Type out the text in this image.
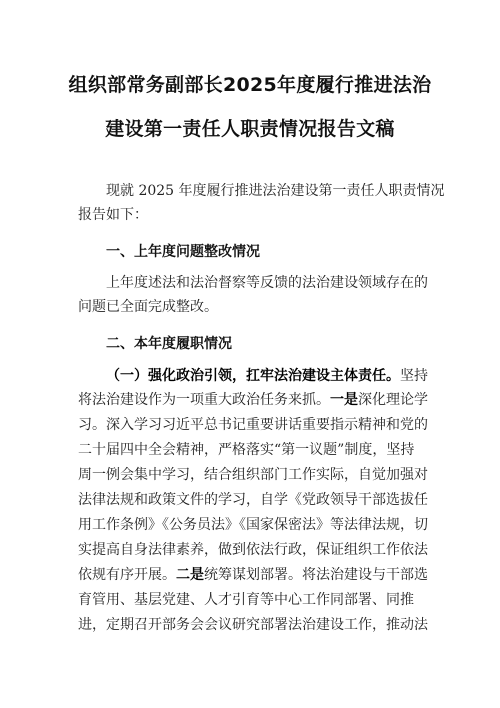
组织部常务副部长2025年度履行推进法治
建设第一责任人职责情况报告文稿
现就 2025 年度履行推进法治建设第一责任人职责情况
报告如下：
一、上年度问题整改情况
上年度述法和法治督察等反馈的法治建设领域存在的
问题已全面完成整改。
二、本年度履职情况
（一）强化政治引领，扛牢法治建设主体责任。坚持
将法治建设作为一项重大政治任务来抓。一是深化理论学
习。深入学习习近平总书记重要讲话重要指示精神和党的
二十届四中全会精神，严格落实“第一议题”制度，坚持
周一例会集中学习，结合组织部门工作实际，自觉加强对
法律法规和政策文件的学习，自学《党政领导干部选拔任
用工作条例》《公务员法》《国家保密法》等法律法规，切
实提高自身法律素养，做到依法行政，保证组织工作依法
依规有序开展。二是统筹谋划部署。将法治建设与干部选
育管用、基层党建、人才引育等中心工作同部署、同推
进，定期召开部务会会议研究部署法治建设工作，推动法
